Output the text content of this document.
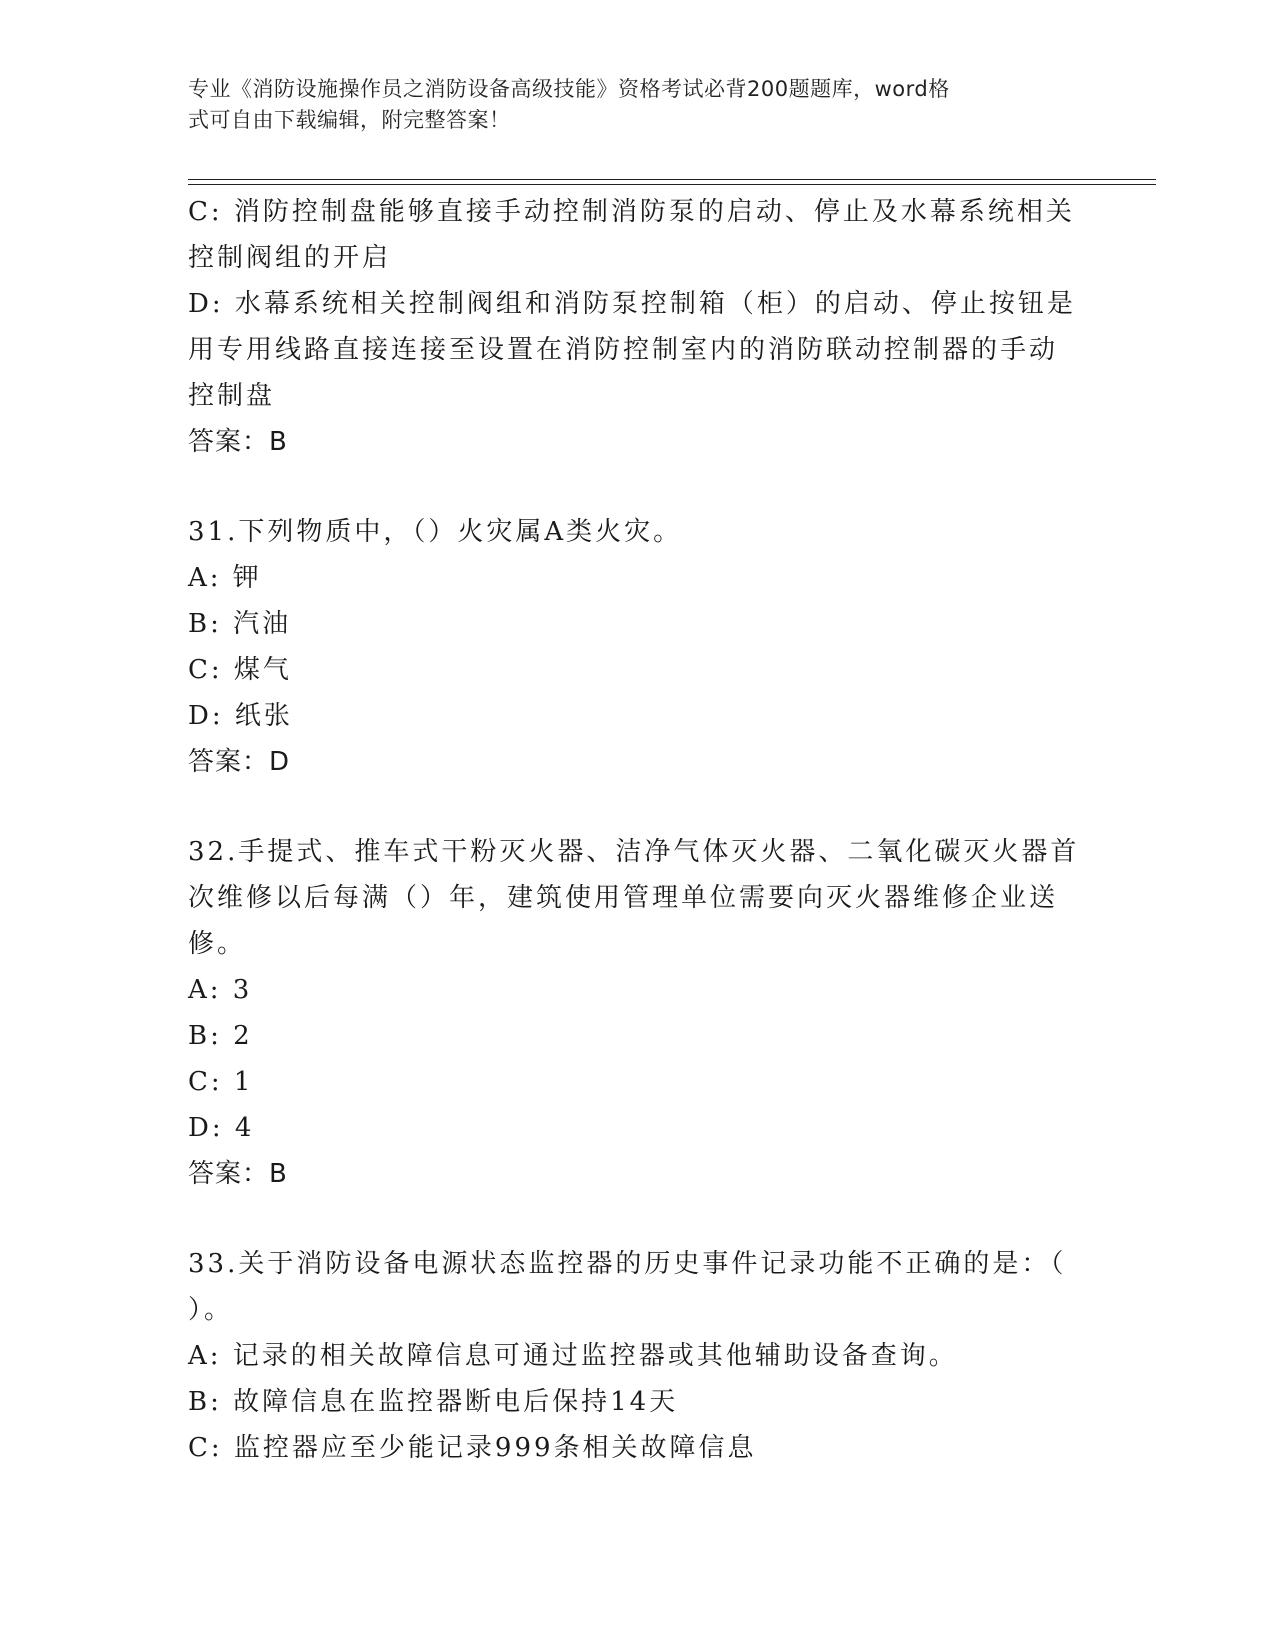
专业《消防设施操作员之消防设备高级技能》资格考试必背200题题库，word格
式可自由下载编辑，附完整答案！
C: 消防控制盘能够直接手动控制消防泵的启动、停止及水幕系统相关
控制阀组的开启
D: 水幕系统相关控制阀组和消防泵控制箱（柜）的启动、停止按钮是
用专用线路直接连接至设置在消防控制室内的消防联动控制器的手动
控制盘
答案：B
31.下列物质中，（）火灾属A类火灾。
A: 钾
B: 汽油
C: 煤气
D: 纸张
答案：D
32.手提式、推车式干粉灭火器、洁净气体灭火器、二氧化碳灭火器首
次维修以后每满（）年，建筑使用管理单位需要向灭火器维修企业送
修。
A: 3
B: 2
C: 1
D: 4
答案：B
33.关于消防设备电源状态监控器的历史事件记录功能不正确的是：（
）。
A: 记录的相关故障信息可通过监控器或其他辅助设备查询。
B: 故障信息在监控器断电后保持14天
C: 监控器应至少能记录999条相关故障信息
